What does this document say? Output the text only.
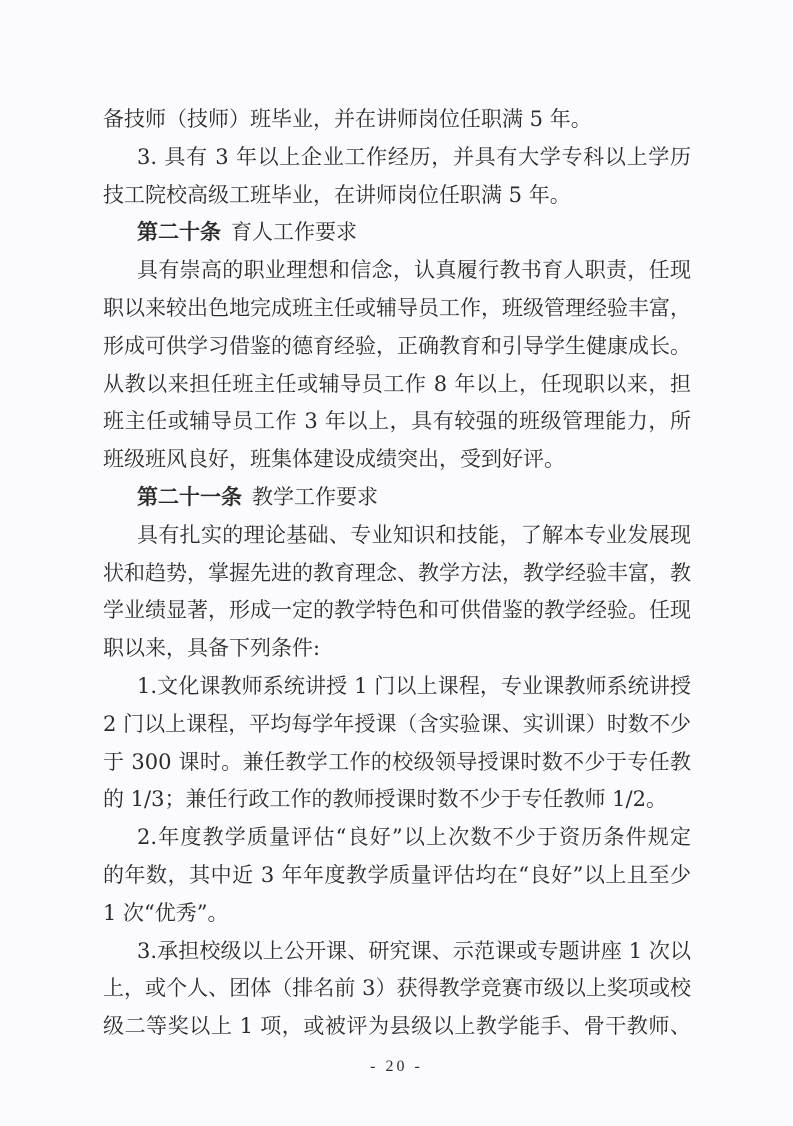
备技师（技师）班毕业，并在讲师岗位任职满 5 年。
3. 具有 3 年以上企业工作经历，并具有大学专科以上学历
技工院校高级工班毕业，在讲师岗位任职满 5 年。
第二十条 育人工作要求
具有崇高的职业理想和信念，认真履行教书育人职责，任现
职以来较出色地完成班主任或辅导员工作，班级管理经验丰富，
形成可供学习借鉴的德育经验，正确教育和引导学生健康成长。
从教以来担任班主任或辅导员工作 8 年以上，任现职以来，担
班主任或辅导员工作 3 年以上，具有较强的班级管理能力，所
班级班风良好，班集体建设成绩突出，受到好评。
第二十一条 教学工作要求
具有扎实的理论基础、专业知识和技能，了解本专业发展现
状和趋势，掌握先进的教育理念、教学方法，教学经验丰富，教
学业绩显著，形成一定的教学特色和可供借鉴的教学经验。任现
职以来，具备下列条件:
1.文化课教师系统讲授 1 门以上课程，专业课教师系统讲授
2 门以上课程，平均每学年授课（含实验课、实训课）时数不少
于 300 课时。兼任教学工作的校级领导授课时数不少于专任教
的 1/3；兼任行政工作的教师授课时数不少于专任教师 1/2。
2.年度教学质量评估“良好”以上次数不少于资历条件规定
的年数，其中近 3 年年度教学质量评估均在“良好”以上且至少
1 次“优秀”。
3.承担校级以上公开课、研究课、示范课或专题讲座 1 次以
上，或个人、团体（排名前 3）获得教学竞赛市级以上奖项或校
级二等奖以上 1 项，或被评为县级以上教学能手、骨干教师、
- 20 -
